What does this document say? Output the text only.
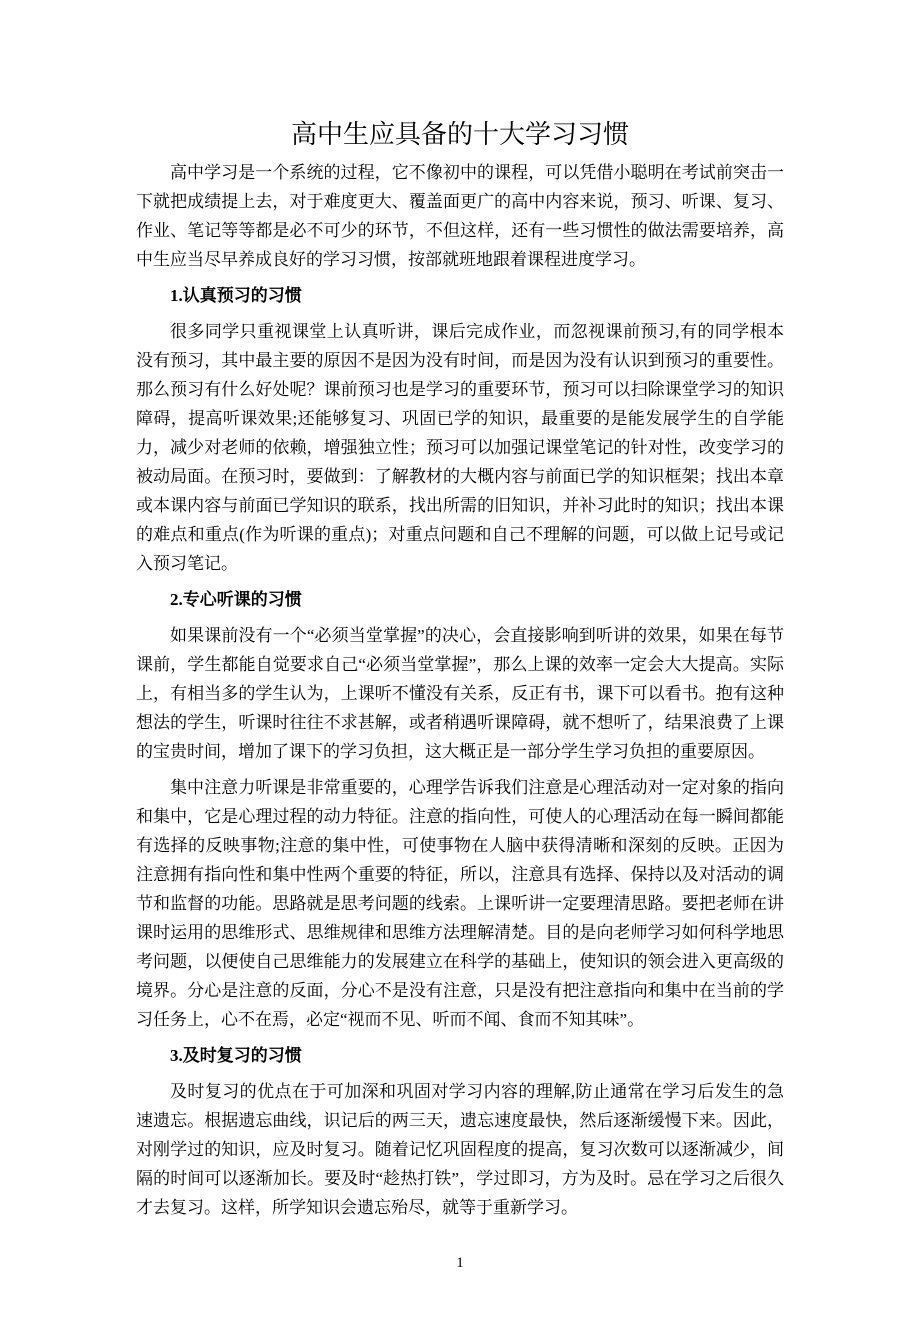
高中生应具备的十大学习习惯

高中学习是一个系统的过程，它不像初中的课程，可以凭借小聪明在考试前突击一下就把成绩提上去，对于难度更大、覆盖面更广的高中内容来说，预习、听课、复习、作业、笔记等等都是必不可少的环节，不但这样，还有一些习惯性的做法需要培养，高中生应当尽早养成良好的学习习惯，按部就班地跟着课程进度学习。

1.认真预习的习惯

很多同学只重视课堂上认真听讲，课后完成作业，而忽视课前预习,有的同学根本没有预习，其中最主要的原因不是因为没有时间，而是因为没有认识到预习的重要性。那么预习有什么好处呢？课前预习也是学习的重要环节，预习可以扫除课堂学习的知识障碍，提高听课效果;还能够复习、巩固已学的知识，最重要的是能发展学生的自学能力，减少对老师的依赖，增强独立性；预习可以加强记课堂笔记的针对性，改变学习的被动局面。在预习时，要做到：了解教材的大概内容与前面已学的知识框架；找出本章或本课内容与前面已学知识的联系，找出所需的旧知识，并补习此时的知识；找出本课的难点和重点(作为听课的重点)；对重点问题和自己不理解的问题，可以做上记号或记入预习笔记。

2.专心听课的习惯

如果课前没有一个“必须当堂掌握”的决心，会直接影响到听讲的效果，如果在每节课前，学生都能自觉要求自己“必须当堂掌握”，那么上课的效率一定会大大提高。实际上，有相当多的学生认为，上课听不懂没有关系，反正有书，课下可以看书。抱有这种想法的学生，听课时往往不求甚解，或者稍遇听课障碍，就不想听了，结果浪费了上课的宝贵时间，增加了课下的学习负担，这大概正是一部分学生学习负担的重要原因。

集中注意力听课是非常重要的，心理学告诉我们注意是心理活动对一定对象的指向和集中，它是心理过程的动力特征。注意的指向性，可使人的心理活动在每一瞬间都能有选择的反映事物;注意的集中性，可使事物在人脑中获得清晰和深刻的反映。正因为注意拥有指向性和集中性两个重要的特征，所以，注意具有选择、保持以及对活动的调节和监督的功能。思路就是思考问题的线索。上课听讲一定要理清思路。要把老师在讲课时运用的思维形式、思维规律和思维方法理解清楚。目的是向老师学习如何科学地思考问题，以便使自己思维能力的发展建立在科学的基础上，使知识的领会进入更高级的境界。分心是注意的反面，分心不是没有注意，只是没有把注意指向和集中在当前的学习任务上，心不在焉，必定“视而不见、听而不闻、食而不知其味”。

3.及时复习的习惯

及时复习的优点在于可加深和巩固对学习内容的理解,防止通常在学习后发生的急速遗忘。根据遗忘曲线，识记后的两三天，遗忘速度最快，然后逐渐缓慢下来。因此，对刚学过的知识，应及时复习。随着记忆巩固程度的提高，复习次数可以逐渐减少，间隔的时间可以逐渐加长。要及时“趁热打铁”，学过即习，方为及时。忌在学习之后很久才去复习。这样，所学知识会遗忘殆尽，就等于重新学习。

1
